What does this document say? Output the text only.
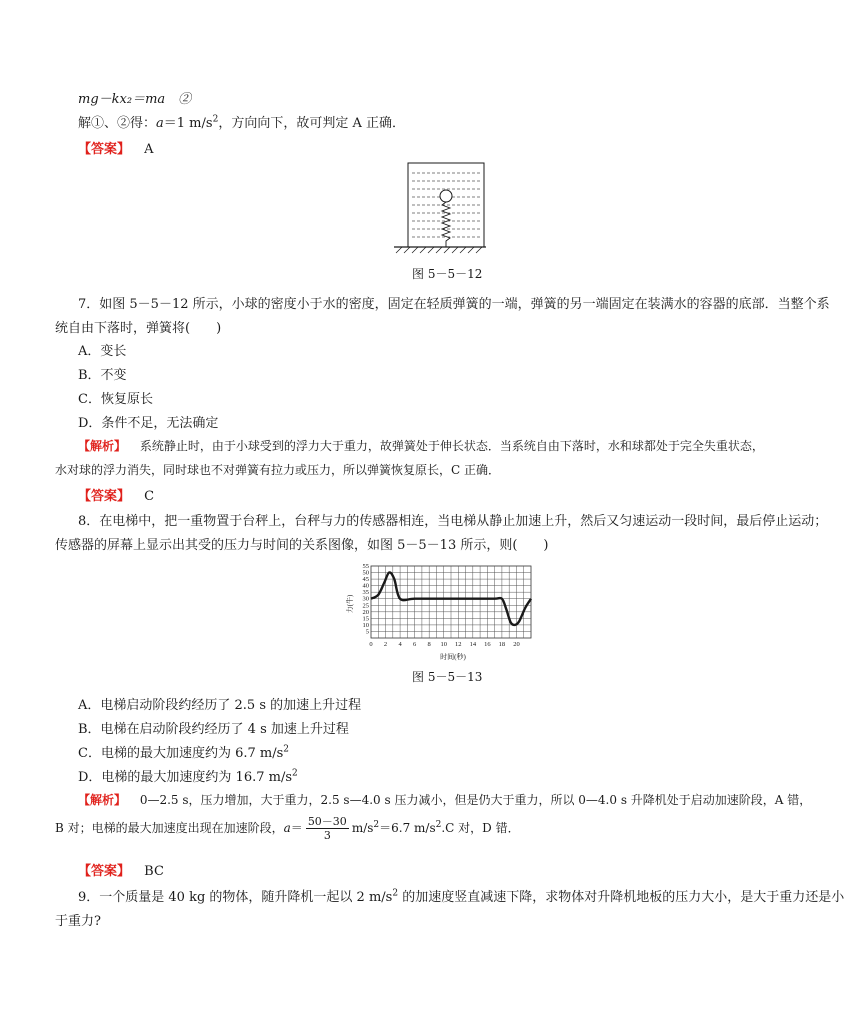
mg－kx₂＝ma　②
解①、②得：a＝1 $m/s^2$，方向向下，故可判定 A 正确．
【答案】 A
图 5－5－12
7．如图 5－5－12 所示，小球的密度小于水的密度，固定在轻质弹簧的一端，弹簧的另一端固定在装满水的容器的底部．当整个系
统自由下落时，弹簧将(　　)
A．变长
B．不变
C．恢复原长
D．条件不足，无法确定
【解析】 系统静止时，由于小球受到的浮力大于重力，故弹簧处于伸长状态．当系统自由下落时，水和球都处于完全失重状态，
水对球的浮力消失，同时球也不对弹簧有拉力或压力，所以弹簧恢复原长，C 正确．
【答案】 C
8．在电梯中，把一重物置于台秤上，台秤与力的传感器相连，当电梯从静止加速上升，然后又匀速运动一段时间，最后停止运动；
传感器的屏幕上显示出其受的压力与时间的关系图像，如图 5－5－13 所示，则(　　)
5
10
15
20
25
30
35
40
45
50
55
0 2 4 6 8 10 12 14 16 18 20
力(牛)
时间(秒)
图 5－5－13
A．电梯启动阶段约经历了 2.5 s 的加速上升过程
B．电梯在启动阶段约经历了 4 s 加速上升过程
C．电梯的最大加速度约为 6.7 $m/s^2$
D．电梯的最大加速度约为 16.7 $m/s^2$
【解析】 0—2.5 s，压力增加，大于重力，2.5 s—4.0 s 压力减小，但是仍大于重力，所以 0—4.0 s 升降机处于启动加速阶段，A 错，
B 对；电梯的最大加速度出现在加速阶段，$a= \frac{50-30}{3} m/s^2=6.7$ $m/s^2.C$ 对，D 错．
【答案】 BC
9．一个质量是 40 kg 的物体，随升降机一起以 2 $m/s^2$ 的加速度竖直减速下降，求物体对升降机地板的压力大小，是大于重力还是小
于重力?
